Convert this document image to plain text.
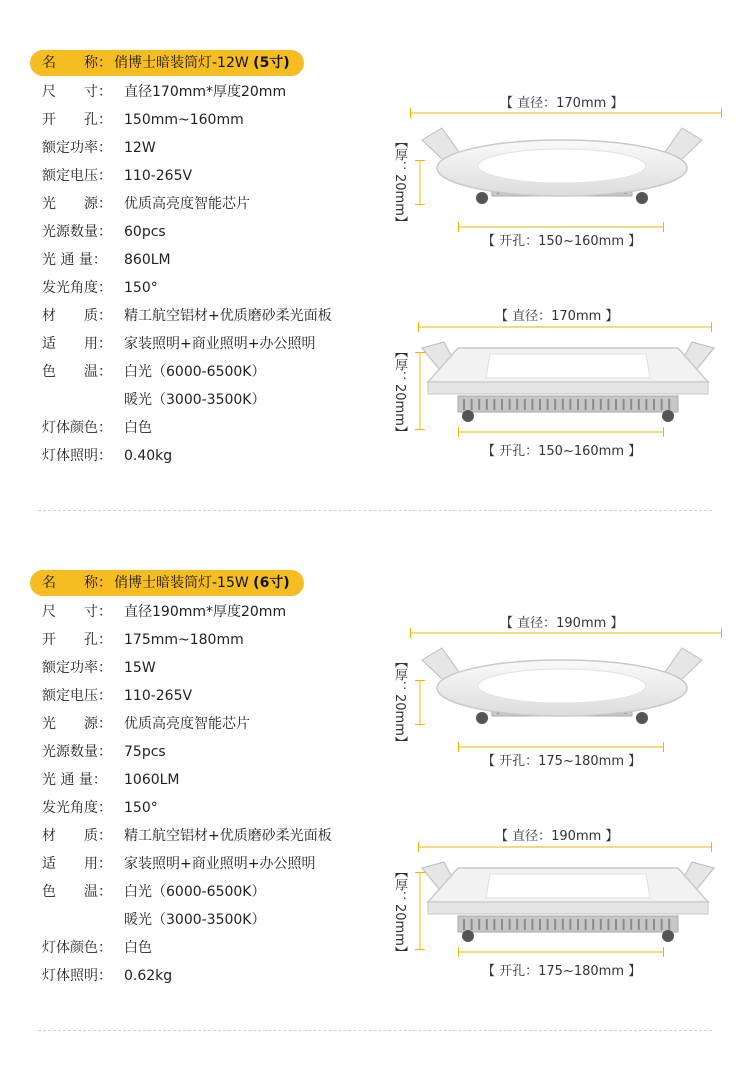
名　　称： 俏博士暗装筒灯-12W (5寸)
尺　　寸： 直径170mm*厚度20mm
开　　孔： 150mm~160mm
额定功率： 12W
额定电压： 110-265V
光　　源： 优质高亮度智能芯片
光源数量： 60pcs
光 通 量： 860LM
发光角度： 150°
材　　质： 精工航空铝材+优质磨砂柔光面板
适　　用： 家装照明+商业照明+办公照明
色　　温： 白光（6000-6500K）
暖光（3000-3500K）
灯体颜色： 白色
灯体照明： 0.40kg
【 直径：170mm 】
【厚：20mm】
【 开孔：150~160mm 】
【 直径：170mm 】
【厚：20mm】
【 开孔：150~160mm 】
名　　称： 俏博士暗装筒灯-15W (6寸)
尺　　寸： 直径190mm*厚度20mm
开　　孔： 175mm~180mm
额定功率： 15W
额定电压： 110-265V
光　　源： 优质高亮度智能芯片
光源数量： 75pcs
光 通 量： 1060LM
发光角度： 150°
材　　质： 精工航空铝材+优质磨砂柔光面板
适　　用： 家装照明+商业照明+办公照明
色　　温： 白光（6000-6500K）
暖光（3000-3500K）
灯体颜色： 白色
灯体照明： 0.62kg
【 直径：190mm 】
【厚：20mm】
【 开孔：175~180mm 】
【 直径：190mm 】
【厚：20mm】
【 开孔：175~180mm 】
